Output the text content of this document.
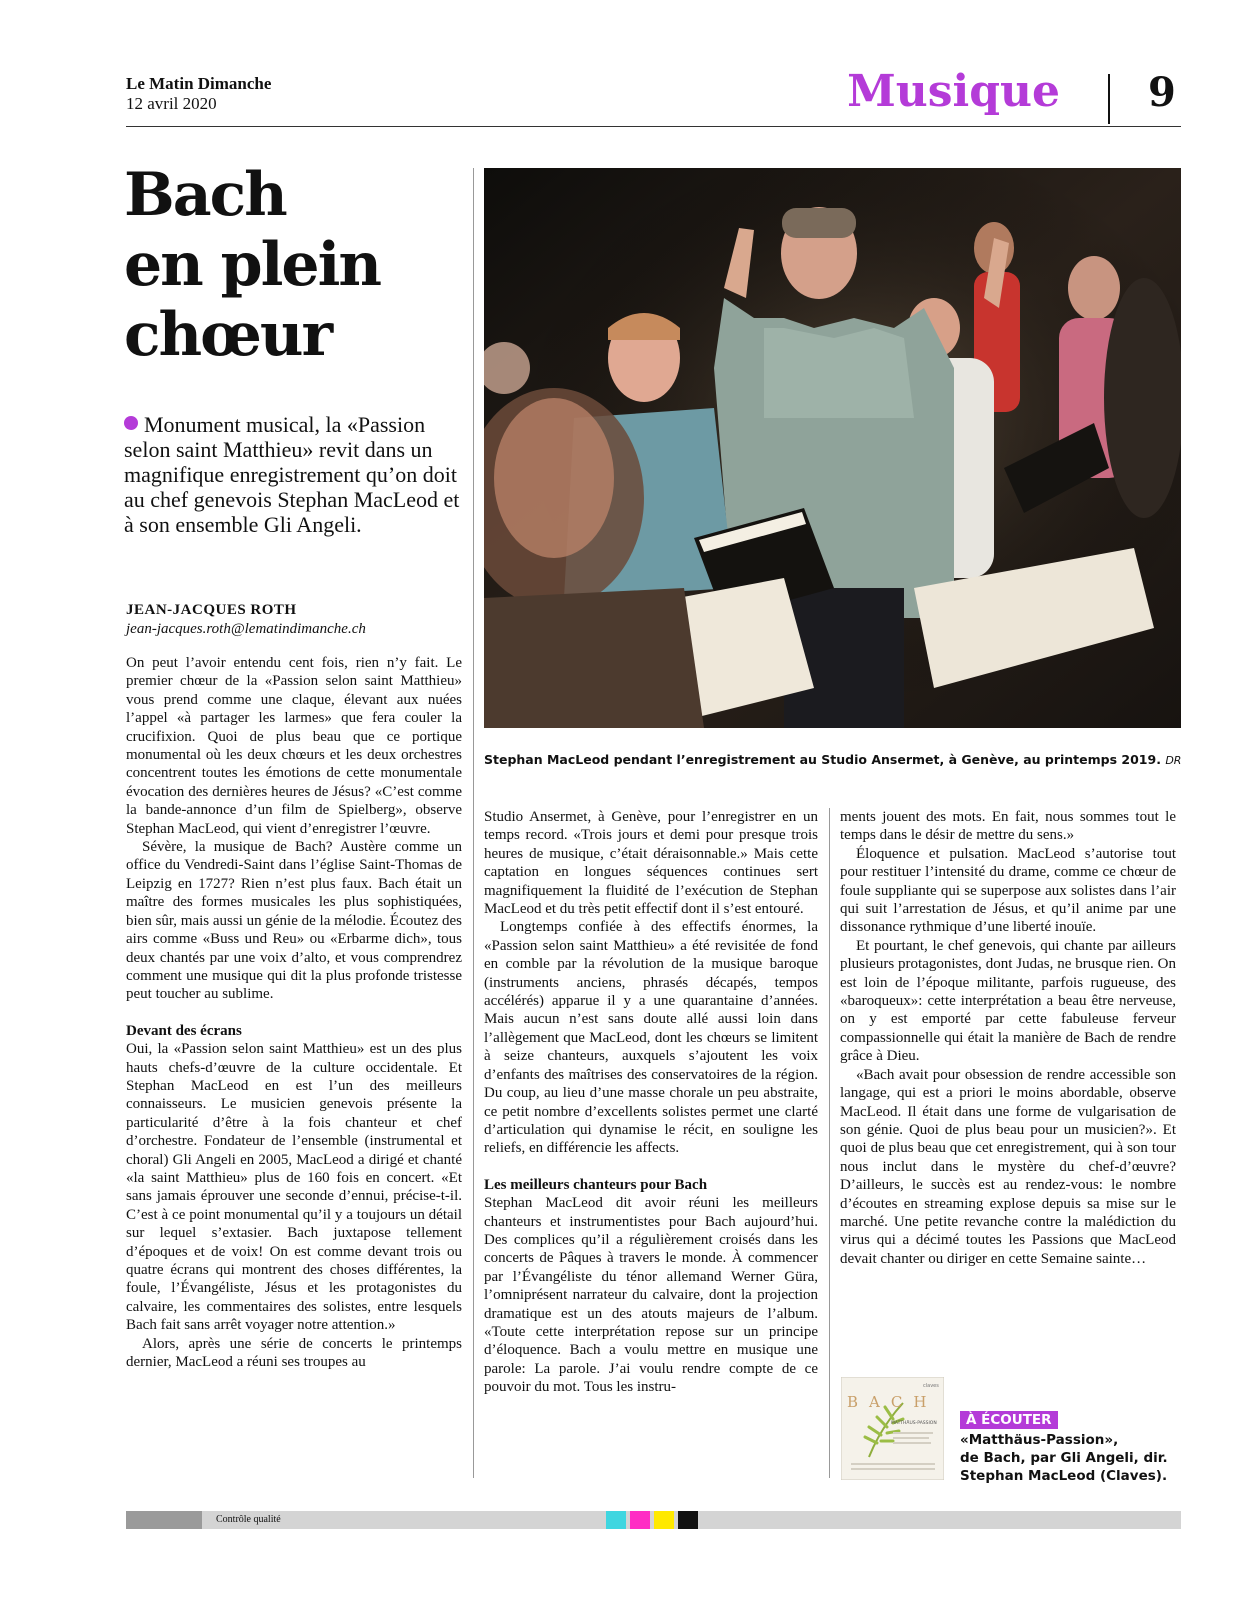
Le Matin Dimanche
12 avril 2020	Musique 9
Bach
en plein
chœur
Monument musical, la «Passion selon saint Matthieu» revit dans un magnifique enregistrement qu’on doit au chef genevois Stephan MacLeod et à son ensemble Gli Angeli.
JEAN-JACQUES ROTH
jean-jacques.roth@lematindimanche.ch

On peut l’avoir entendu cent fois, rien n’y fait. Le premier chœur de la «Passion selon saint Matthieu» vous prend comme une claque, élevant aux nuées l’appel «à partager les larmes» que fera couler la crucifixion. Quoi de plus beau que ce portique monumental où les deux chœurs et les deux orchestres concentrent toutes les émotions de cette monumentale évocation des dernières heures de Jésus? «C’est comme la bande-annonce d’un film de Spielberg», observe Stephan MacLeod, qui vient d’enregistrer l’œuvre.

Sévère, la musique de Bach? Austère comme un office du Vendredi-Saint dans l’église Saint-Thomas de Leipzig en 1727? Rien n’est plus faux. Bach était un maître des formes musicales les plus sophistiquées, bien sûr, mais aussi un génie de la mélodie. Écoutez des airs comme «Buss und Reu» ou «Erbarme dich», tous deux chantés par une voix d’alto, et vous comprendrez comment une musique qui dit la plus profonde tristesse peut toucher au sublime.

Devant des écrans

Oui, la «Passion selon saint Matthieu» est un des plus hauts chefs-d’œuvre de la culture occidentale. Et Stephan MacLeod en est l’un des meilleurs connaisseurs. Le musicien genevois présente la particularité d’être à la fois chanteur et chef d’orchestre. Fondateur de l’ensemble (instrumental et choral) Gli Angeli en 2005, MacLeod a dirigé et chanté «la saint Matthieu» plus de 160 fois en concert. «Et sans jamais éprouver une seconde d’ennui, précise-t-il. C’est à ce point monumental qu’il y a toujours un détail sur lequel s’extasier. Bach juxtapose tellement d’époques et de voix! On est comme devant trois ou quatre écrans qui montrent des choses différentes, la foule, l’Évangéliste, Jésus et les protagonistes du calvaire, les commentaires des solistes, entre lesquels Bach fait sans arrêt voyager notre attention.»

Alors, après une série de concerts le printemps dernier, MacLeod a réuni ses troupes au

Stephan MacLeod pendant l’enregistrement au Studio Ansermet, à Genève, au printemps 2019. DR

Studio Ansermet, à Genève, pour l’enregistrer en un temps record. «Trois jours et demi pour presque trois heures de musique, c’était déraisonnable.» Mais cette captation en longues séquences continues sert magnifiquement la fluidité de l’exécution de Stephan MacLeod et du très petit effectif dont il s’est entouré.

Longtemps confiée à des effectifs énormes, la «Passion selon saint Matthieu» a été revisitée de fond en comble par la révolution de la musique baroque (instruments anciens, phrasés décapés, tempos accélérés) apparue il y a une quarantaine d’années. Mais aucun n’est sans doute allé aussi loin dans l’allègement que MacLeod, dont les chœurs se limitent à seize chanteurs, auxquels s’ajoutent les voix d’enfants des maîtrises des conservatoires de la région. Du coup, au lieu d’une masse chorale un peu abstraite, ce petit nombre d’excellents solistes permet une clarté d’articulation qui dynamise le récit, en souligne les reliefs, en différencie les affects.

Les meilleurs chanteurs pour Bach

Stephan MacLeod dit avoir réuni les meilleurs chanteurs et instrumentistes pour Bach aujourd’hui. Des complices qu’il a régulièrement croisés dans les concerts de Pâques à travers le monde. À commencer par l’Évangéliste du ténor allemand Werner Güra, l’omniprésent narrateur du calvaire, dont la projection dramatique est un des atouts majeurs de l’album. «Toute cette interprétation repose sur un principe d’éloquence. Bach a voulu mettre en musique une parole: La parole. J’ai voulu rendre compte de ce pouvoir du mot. Tous les instru-

ments jouent des mots. En fait, nous sommes tout le temps dans le désir de mettre du sens.»

Éloquence et pulsation. MacLeod s’autorise tout pour restituer l’intensité du drame, comme ce chœur de foule suppliante qui se superpose aux solistes dans l’air qui suit l’arrestation de Jésus, et qu’il anime par une dissonance rythmique d’une liberté inouïe.

Et pourtant, le chef genevois, qui chante par ailleurs plusieurs protagonistes, dont Judas, ne brusque rien. On est loin de l’époque militante, parfois rugueuse, des «baroqueux»: cette interprétation a beau être nerveuse, on y est emporté par cette fabuleuse ferveur compassionnelle qui était la manière de Bach de rendre grâce à Dieu.

«Bach avait pour obsession de rendre accessible son langage, qui est a priori le moins abordable, observe MacLeod. Il était dans une forme de vulgarisation de son génie. Quoi de plus beau pour un musicien?». Et quoi de plus beau que cet enregistrement, qui à son tour nous inclut dans le mystère du chef-d’œuvre? D’ailleurs, le succès est au rendez-vous: le nombre d’écoutes en streaming explose depuis sa mise sur le marché. Une petite revanche contre la malédiction du virus qui a décimé toutes les Passions que MacLeod devait chanter ou diriger en cette Semaine sainte…

BACH
MATTHÄUS-PASSION
claves
À ÉCOUTER
«Matthäus-Passion»,
de Bach, par Gli Angeli, dir.
Stephan MacLeod (Claves).
Contrôle qualité
